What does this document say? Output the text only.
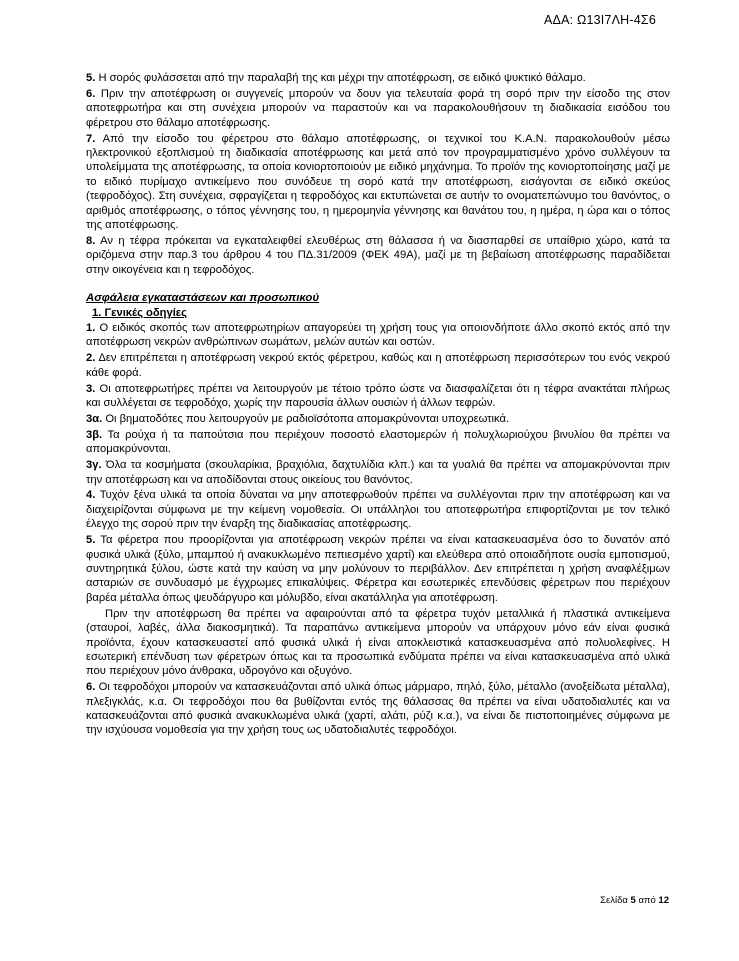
ΑΔΑ: Ω13Ι7ΛΗ-4Σ6

5. Η σορός φυλάσσεται από την παραλαβή της και μέχρι την αποτέφρωση, σε ειδικό ψυκτικό θάλαμο.

6. Πριν την αποτέφρωση οι συγγενείς μπορούν να δουν για τελευταία φορά τη σορό πριν την είσοδο της στον αποτεφρωτήρα και στη συνέχεια μπορούν να παραστούν και να παρακολουθήσουν τη διαδικασία εισόδου του φέρετρου στο θάλαμο αποτέφρωσης.

7. Από την είσοδο του φέρετρου στο θάλαμο αποτέφρωσης, οι τεχνικοί του Κ.Α.Ν. παρακολουθούν μέσω ηλεκτρονικού εξοπλισμού τη διαδικασία αποτέφρωσης και μετά από τον προγραμματισμένο χρόνο συλλέγουν τα υπολείμματα της αποτέφρωσης, τα οποία κονιορτοποιούν με ειδικό μηχάνημα. Το προϊόν της κονιορτοποίησης μαζί με το ειδικό πυρίμαχο αντικείμενο που συνόδευε τη σορό κατά την αποτέφρωση, εισάγονται σε ειδικό σκεύος (τεφροδόχος). Στη συνέχεια, σφραγίζεται η τεφροδόχος και εκτυπώνεται σε αυτήν το ονοματεπώνυμο του θανόντος, ο αριθμός αποτέφρωσης, ο τόπος γέννησης του, η ημερομηνία γέννησης και θανάτου του, η ημέρα, η ώρα και ο τόπος της αποτέφρωσης.

8. Αν η τέφρα πρόκειται να εγκαταλειφθεί ελευθέρως στη θάλασσα ή να διασπαρθεί σε υπαίθριο χώρο, κατά τα οριζόμενα στην παρ.3 του άρθρου 4 του ΠΔ.31/2009 (ΦΕΚ 49Α), μαζί με τη βεβαίωση αποτέφρωσης παραδίδεται στην οικογένεια και η τεφροδόχος.

Ασφάλεια εγκαταστάσεων και προσωπικού
1. Γενικές οδηγίες

1. Ο ειδικός σκοπός των αποτεφρωτηρίων απαγορεύει τη χρήση τους για οποιονδήποτε άλλο σκοπό εκτός από την αποτέφρωση νεκρών ανθρώπινων σωμάτων, μελών αυτών και οστών.

2. Δεν επιτρέπεται η αποτέφρωση νεκρού εκτός φέρετρου, καθώς και η αποτέφρωση περισσότερων του ενός νεκρού κάθε φορά.

3. Οι αποτεφρωτήρες πρέπει να λειτουργούν με τέτοιο τρόπο ώστε να διασφαλίζεται ότι η τέφρα ανακτάται πλήρως και συλλέγεται σε τεφροδόχο, χωρίς την παρουσία άλλων ουσιών ή άλλων τεφρών.

3α. Οι βηματοδότες που λειτουργούν με ραδιοϊσότοπα απομακρύνονται υποχρεωτικά.

3β. Τα ρούχα ή τα παπούτσια που περιέχουν ποσοστό ελαστομερών ή πολυχλωριούχου βινυλίου θα πρέπει να απομακρύνονται.

3γ. Όλα τα κοσμήματα (σκουλαρίκια, βραχιόλια, δαχτυλίδια κλπ.) και τα γυαλιά θα πρέπει να απομακρύνονται πριν την αποτέφρωση και να αποδίδονται στους οικείους του θανόντος.

4. Τυχόν ξένα υλικά τα οποία δύναται να μην αποτεφρωθούν πρέπει να συλλέγονται πριν την αποτέφρωση και να διαχειρίζονται σύμφωνα με την κείμενη νομοθεσία. Οι υπάλληλοι του αποτεφρωτήρα επιφορτίζονται με τον τελικό έλεγχο της σορού πριν την έναρξη της διαδικασίας αποτέφρωσης.

5. Τα φέρετρα που προορίζονται για αποτέφρωση νεκρών πρέπει να είναι κατασκευασμένα όσο το δυνατόν από φυσικά υλικά (ξύλο, μπαμπού ή ανακυκλωμένο πεπιεσμένο χαρτί) και ελεύθερα από οποιαδήποτε ουσία εμποτισμού, συντηρητικά ξύλου, ώστε κατά την καύση να μην μολύνουν το περιβάλλον. Δεν επιτρέπεται η χρήση αναφλέξιμων ασταριών σε συνδυασμό με έγχρωμες επικαλύψεις. Φέρετρα και εσωτερικές επενδύσεις φέρετρων που περιέχουν βαρέα μέταλλα όπως ψευδάργυρο και μόλυβδο, είναι ακατάλληλα για αποτέφρωση.

Πριν την αποτέφρωση θα πρέπει να αφαιρούνται από τα φέρετρα τυχόν μεταλλικά ή πλαστικά αντικείμενα (σταυροί, λαβές, άλλα διακοσμητικά). Τα παραπάνω αντικείμενα μπορούν να υπάρχουν μόνο εάν είναι φυσικά προϊόντα, έχουν κατασκευαστεί από φυσικά υλικά ή είναι αποκλειστικά κατασκευασμένα από πολυολεφίνες. Η εσωτερική επένδυση των φέρετρων όπως και τα προσωπικά ενδύματα πρέπει να είναι κατασκευασμένα από υλικά που περιέχουν μόνο άνθρακα, υδρογόνο και οξυγόνο.

6. Οι τεφροδόχοι μπορούν να κατασκευάζονται από υλικά όπως μάρμαρο, πηλό, ξύλο, μέταλλο (ανοξείδωτα μέταλλα), πλεξιγκλάς, κ.α. Οι τεφροδόχοι που θα βυθίζονται εντός της θάλασσας θα πρέπει να είναι υδατοδιαλυτές και να κατασκευάζονται από φυσικά ανακυκλωμένα υλικά (χαρτί, αλάτι, ρύζι κ.α.), να είναι δε πιστοποιημένες σύμφωνα με την ισχύουσα νομοθεσία για την χρήση τους ως υδατοδιαλυτές τεφροδόχοι.

Σελίδα 5 από 12
